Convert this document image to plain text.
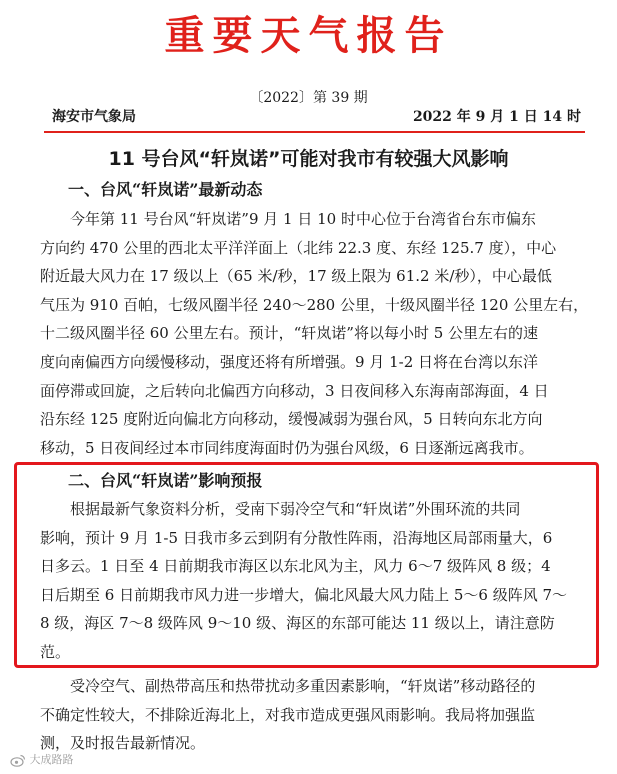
重要天气报告
〔2022〕第 39 期
海安市气象局	2022 年 9 月 1 日 14 时
11 号台风“轩岚诺”可能对我市有较强大风影响
一、台风“轩岚诺”最新动态

今年第 11 号台风“轩岚诺”9 月 1 日 10 时中心位于台湾省台东市偏东
方向约 470 公里的西北太平洋洋面上（北纬 22.3 度、东经 125.7 度），中心
附近最大风力在 17 级以上（65 米/秒，17 级上限为 61.2 米/秒），中心最低
气压为 910 百帕，七级风圈半径 240～280 公里，十级风圈半径 120 公里左右，
十二级风圈半径 60 公里左右。预计，“轩岚诺”将以每小时 5 公里左右的速
度向南偏西方向缓慢移动，强度还将有所增强。9 月 1-2 日将在台湾以东洋
面停滞或回旋，之后转向北偏西方向移动，3 日夜间移入东海南部海面，4 日
沿东经 125 度附近向偏北方向移动，缓慢减弱为强台风，5 日转向东北方向
移动，5 日夜间经过本市同纬度海面时仍为强台风级，6 日逐渐远离我市。

二、台风“轩岚诺”影响预报

根据最新气象资料分析，受南下弱冷空气和“轩岚诺”外围环流的共同
影响，预计 9 月 1-5 日我市多云到阴有分散性阵雨，沿海地区局部雨量大，6
日多云。1 日至 4 日前期我市海区以东北风为主，风力 6～7 级阵风 8 级；4
日后期至 6 日前期我市风力进一步增大，偏北风最大风力陆上 5～6 级阵风 7～
8 级，海区 7～8 级阵风 9～10 级、海区的东部可能达 11 级以上，请注意防
范。

受冷空气、副热带高压和热带扰动多重因素影响，“轩岚诺”移动路径的
不确定性较大，不排除近海北上，对我市造成更强风雨影响。我局将加强监
测，及时报告最新情况。

大成路路
